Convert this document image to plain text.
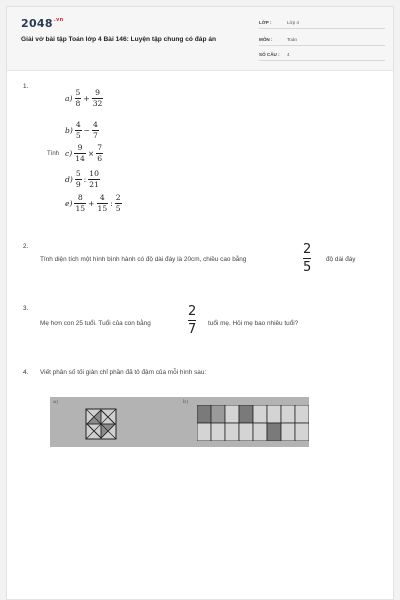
$2048^{.vn}$
Giải vở bài tập Toán lớp 4 Bài 146: Luyện tập chung có đáp án
LỚP :	Lớp 4
MÔN :	Toán
SỐ CÂU : 4
1.
Tính
$a) \frac{5}{8} + \frac{9}{32}$
$b) \frac{4}{5} - \frac{4}{7}$
$c) \frac{9}{14} \times \frac{7}{6}$
$d) \frac{5}{9}$ : $\frac{10}{21}$
$e) \frac{8}{15} + \frac{4}{15}$ : $\frac{2}{5}$
2.
Tính diện tích một hình bình hành có độ dài đáy là 20cm, chiều cao bằng	$\frac{2}{5}$ độ dài đáy
3.
Mẹ hơn con 25 tuổi. Tuổi của con bằng	$\frac{2}{7}$ tuổi mẹ. Hỏi mẹ bao nhiêu tuổi?
4. Viết phân số tối giản chỉ phần đã tô đậm của mỗi hình sau:
a)	b)
